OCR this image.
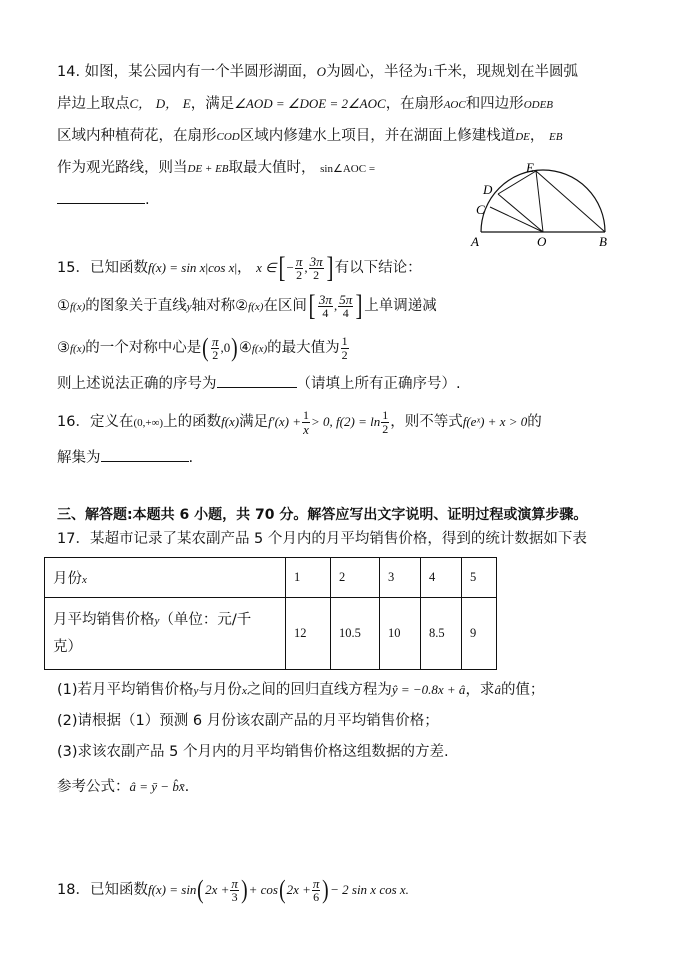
14. 如图，某公园内有一个半圆形湖面，O为圆心，半径为1千米，现规划在半圆弧
岸边上取点C， D， E，满足∠AOD = ∠DOE = 2∠AOC，在扇形AOC和四边形ODEB
区域内种植荷花，在扇形COD区域内修建水上项目，并在湖面上修建栈道DE， EB
作为观光路线，则当DE + EB取最大值时， sin∠AOC =
.
A	B
O
C
D
E
15．已知函数f(x) = sin x|cos x|， x ∈[ − $\frac{\pi}{2}$ , $\frac{3\pi}{2}$ ] 有以下结论：
①f(x)的图象关于直线y轴对称②f(x)在区间[ $\frac{3\pi}{4}$ , $\frac{5\pi}{4}$ ] 上单调递减
③f(x)的一个对称中心是( $\frac{\pi}{2}$ ,0)④f(x)的最大值为 $\frac{1}{2}$
则上述说法正确的序号为	（请填上所有正确序号）.
16．定义在(0,+∞)上的函数f(x)满足$f'(x) + \frac{1}{x} > 0$, $f(2) = \ln \frac{1}{2}$ ，则不等式f(eˣ) + x > 0的
解集为	.
三、解答题:本题共 6 小题，共 70 分。解答应写出文字说明、证明过程或演算步骤。
17．某超市记录了某农副产品 5 个月内的月平均销售价格，得到的统计数据如下表
月份x	1	2	3	4	5
月平均销售价格y（单位：元/千
克）	12	10.5	10	8.5	9
(1)若月平均销售价格y与月份x之间的回归直线方程为ŷ = −0.8x + â，求â的值；
(2)请根据（1）预测 6 月份该农副产品的月平均销售价格；
(3)求该农副产品 5 个月内的月平均销售价格这组数据的方差.
参考公式：â = ȳ − b̂x̄.
18．已知函数$f(x) = \sin(2x + \frac{\pi}{3}$ )+ $\cos(2x + \frac{\pi}{6}$ )− 2 sin x cos x.
